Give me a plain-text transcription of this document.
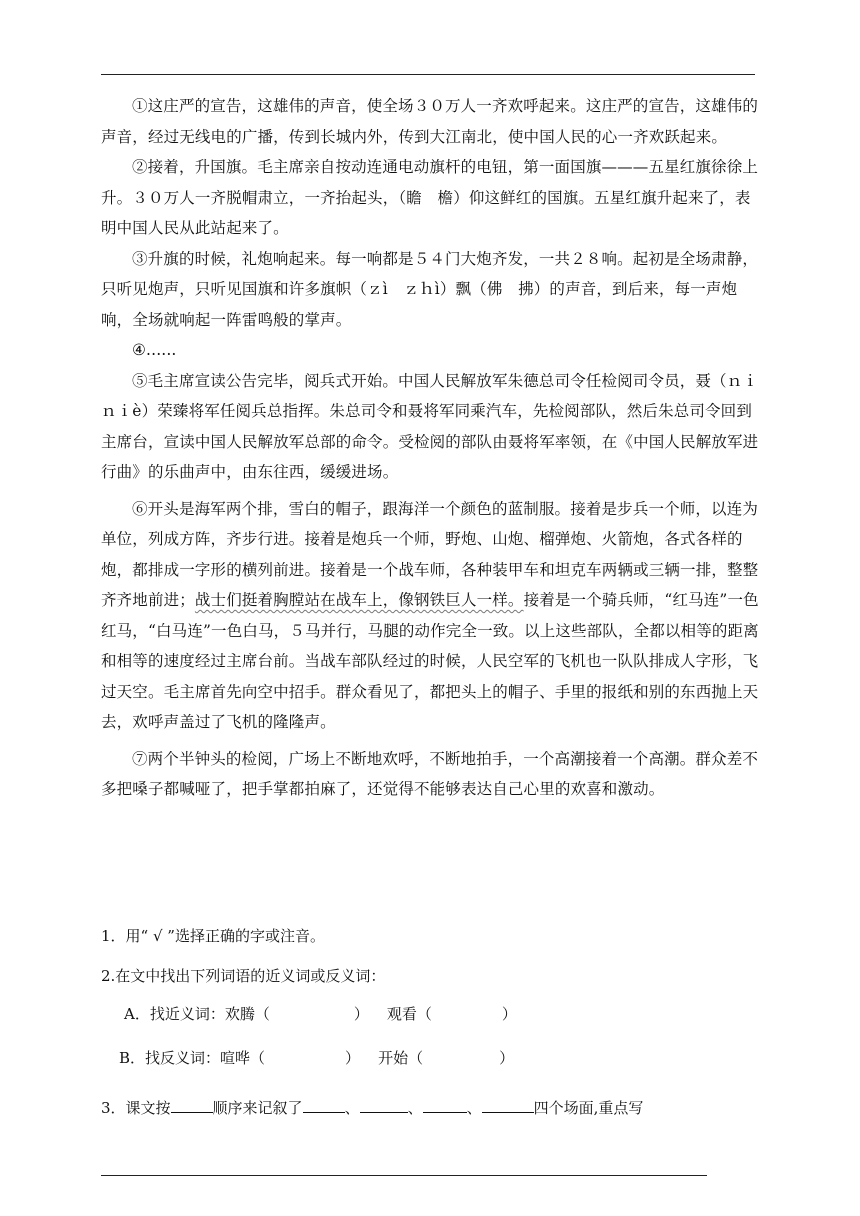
①这庄严的宣告，这雄伟的声音，使全场３０万人一齐欢呼起来。这庄严的宣告，这雄伟的声音，经过无线电的广播，传到长城内外，传到大江南北，使中国人民的心一齐欢跃起来。

②接着，升国旗。毛主席亲自按动连通电动旗杆的电钮，第一面国旗———五星红旗徐徐上升。３０万人一齐脱帽肃立，一齐抬起头，（瞻　檐）仰这鲜红的国旗。五星红旗升起来了，表明中国人民从此站起来了。

③升旗的时候，礼炮响起来。每一响都是５４门大炮齐发，一共２８响。起初是全场肃静，只听见炮声，只听见国旗和许多旗帜（ｚì　ｚｈì）飘（佛　拂）的声音，到后来，每一声炮响，全场就响起一阵雷鸣般的掌声。

④......

⑤毛主席宣读公告完毕，阅兵式开始。中国人民解放军朱德总司令任检阅司令员，聂（ｎｉ　ｎｉè）荣臻将军任阅兵总指挥。朱总司令和聂将军同乘汽车，先检阅部队，然后朱总司令回到主席台，宣读中国人民解放军总部的命令。受检阅的部队由聂将军率领，在《中国人民解放军进行曲》的乐曲声中，由东往西，缓缓进场。

⑥开头是海军两个排，雪白的帽子，跟海洋一个颜色的蓝制服。接着是步兵一个师，以连为单位，列成方阵，齐步行进。接着是炮兵一个师，野炮、山炮、榴弹炮、火箭炮，各式各样的炮，都排成一字形的横列前进。接着是一个战车师，各种装甲车和坦克车两辆或三辆一排，整整齐齐地前进；战士们挺着胸膛站在战车上，像钢铁巨人一样。接着是一个骑兵师，“红马连”一色红马，“白马连”一色白马，５马并行，马腿的动作完全一致。以上这些部队，全都以相等的距离和相等的速度经过主席台前。当战车部队经过的时候，人民空军的飞机也一队队排成人字形，飞过天空。毛主席首先向空中招手。群众看见了，都把头上的帽子、手里的报纸和别的东西抛上天去，欢呼声盖过了飞机的隆隆声。

⑦两个半钟头的检阅，广场上不断地欢呼，不断地拍手，一个高潮接着一个高潮。群众差不多把嗓子都喊哑了，把手掌都拍麻了，还觉得不能够表达自己心里的欢喜和激动。

1．用“ √ ”选择正确的字或注音。

2.在文中找出下列词语的近义词或反义词：

A．找近义词：欢腾（	） 观看（	）

B．找反义词：喧哗（	） 开始（	）

3．课文按	顺序来记叙了	、	、	、	四个场面,重点写
